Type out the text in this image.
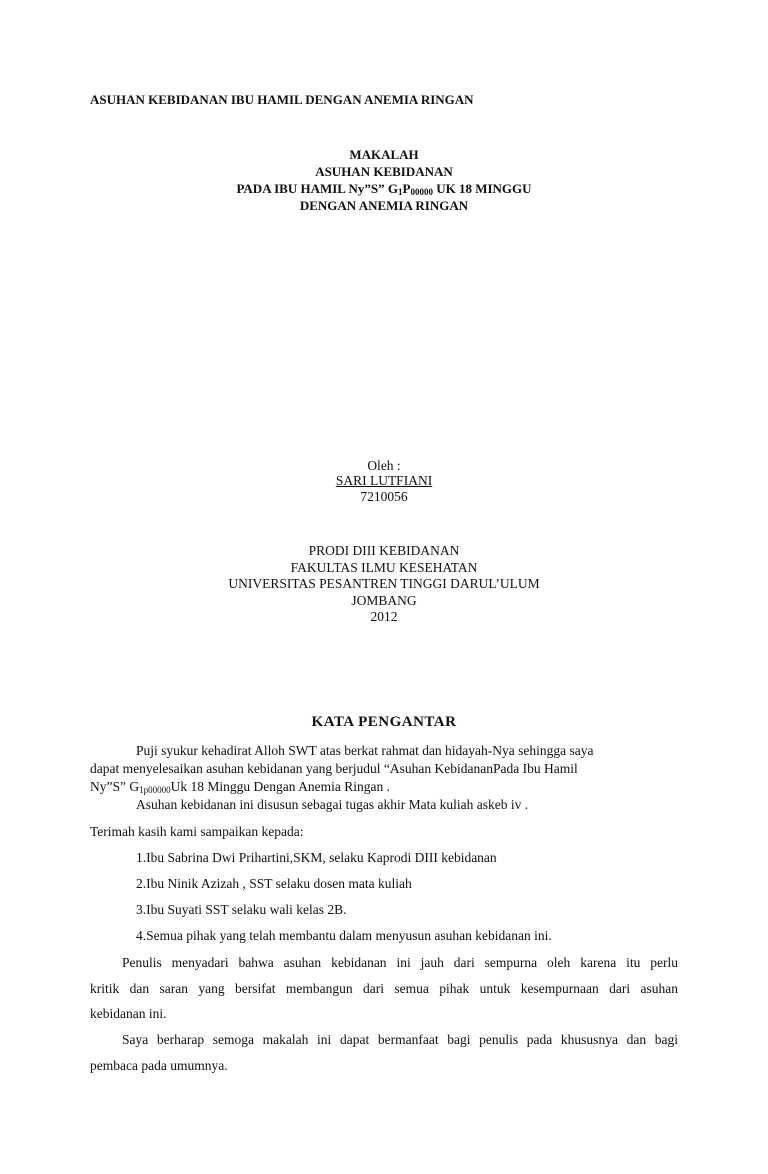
ASUHAN KEBIDANAN IBU HAMIL DENGAN ANEMIA RINGAN
MAKALAH
ASUHAN KEBIDANAN
PADA IBU HAMIL Ny”S” $G_1P_{00000}$ UK 18 MINGGU
DENGAN ANEMIA RINGAN
Oleh :
SARI LUTFIANI
7210056
PRODI DIII KEBIDANAN
FAKULTAS ILMU KESEHATAN
UNIVERSITAS PESANTREN TINGGI DARUL’ULUM
JOMBANG
2012
KATA PENGANTAR
Puji syukur kehadirat Alloh SWT atas berkat rahmat dan hidayah-Nya sehingga saya
dapat menyelesaikan asuhan kebidanan yang berjudul “Asuhan KebidananPada Ibu Hamil
Ny”S” $G_{1p00000}Uk$ 18 Minggu Dengan Anemia Ringan .
Asuhan kebidanan ini disusun sebagai tugas akhir Mata kuliah askeb iv .
Terimah kasih kami sampaikan kepada:
1.Ibu Sabrina Dwi Prihartini,SKM, selaku Kaprodi DIII kebidanan
2.Ibu Ninik Azizah , SST selaku dosen mata kuliah
3.Ibu Suyati SST selaku wali kelas 2B.
4.Semua pihak yang telah membantu dalam menyusun asuhan kebidanan ini.
Penulis menyadari bahwa asuhan kebidanan ini jauh dari sempurna oleh karena itu perlu
kritik dan saran yang bersifat membangun dari semua pihak untuk kesempurnaan dari asuhan
kebidanan ini.
Saya berharap semoga makalah ini dapat bermanfaat bagi penulis pada khususnya dan bagi
pembaca pada umumnya.
